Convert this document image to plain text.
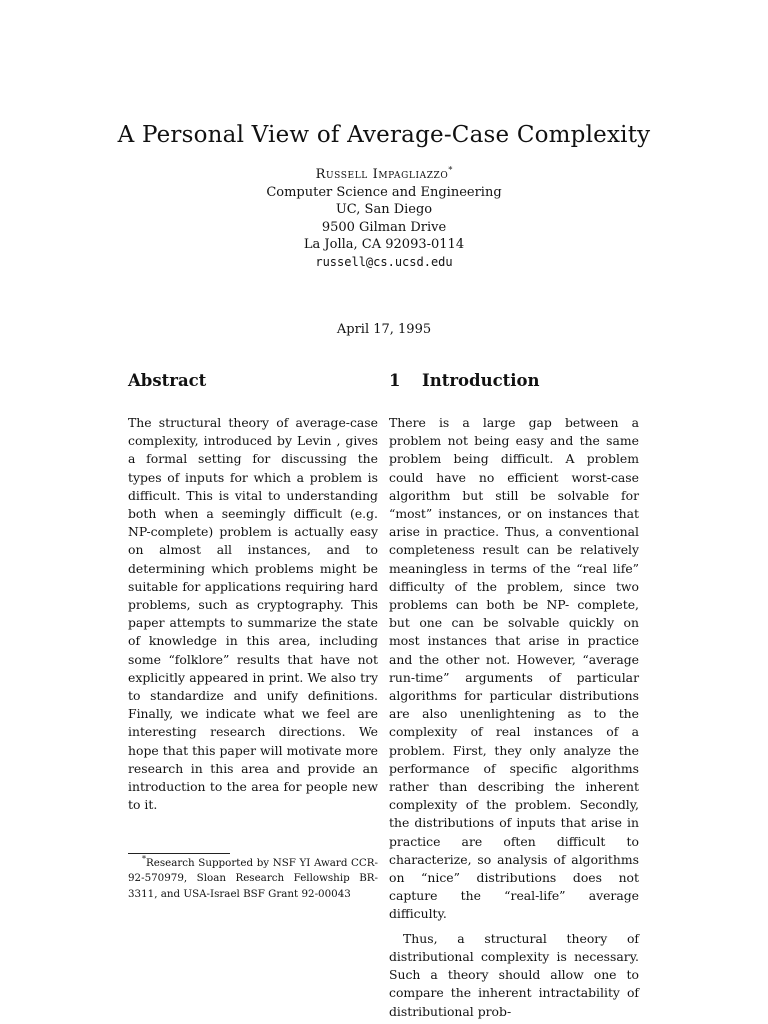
A Personal View of Average-Case Complexity
Russell Impagliazzo*
Computer Science and Engineering
UC, San Diego
9500 Gilman Drive
La Jolla, CA 92093-0114
russell@cs.ucsd.edu
April 17, 1995
Abstract

The structural theory of average-case complexity, introduced by Levin , gives a formal setting for discussing the types of inputs for which a problem is difficult. This is vital to understanding both when a seemingly difficult (e.g. NP-complete) problem is actually easy on almost all instances, and to determining which problems might be suitable for applications requiring hard problems, such as cryptography. This paper attempts to summarize the state of knowledge in this area, including some “folklore” results that have not explicitly appeared in print. We also try to standardize and unify definitions. Finally, we indicate what we feel are interesting research directions. We hope that this paper will motivate more research in this area and provide an introduction to the area for people new to it.

1 Introduction

There is a large gap between a problem not being easy and the same problem being difficult. A problem could have no efficient worst-case algorithm but still be solvable for “most” instances, or on instances that arise in practice. Thus, a conventional completeness result can be relatively meaningless in terms of the “real life” difficulty of the problem, since two problems can both be NP- complete, but one can be solvable quickly on most instances that arise in practice and the other not. However, “average run-time” arguments of particular algorithms for particular distributions are also unenlightening as to the complexity of real instances of a problem. First, they only analyze the performance of specific algorithms rather than describing the inherent complexity of the problem. Secondly, the distributions of inputs that arise in practice are often difficult to characterize, so analysis of algorithms on “nice” distributions does not capture the “real-life” average difficulty.

Thus, a structural theory of distributional complexity is necessary. Such a theory should allow one to compare the inherent intractability of distributional prob-

*Research Supported by NSF YI Award CCR-92-570979, Sloan Research Fellowship BR-3311, and USA-Israel BSF Grant 92-00043
